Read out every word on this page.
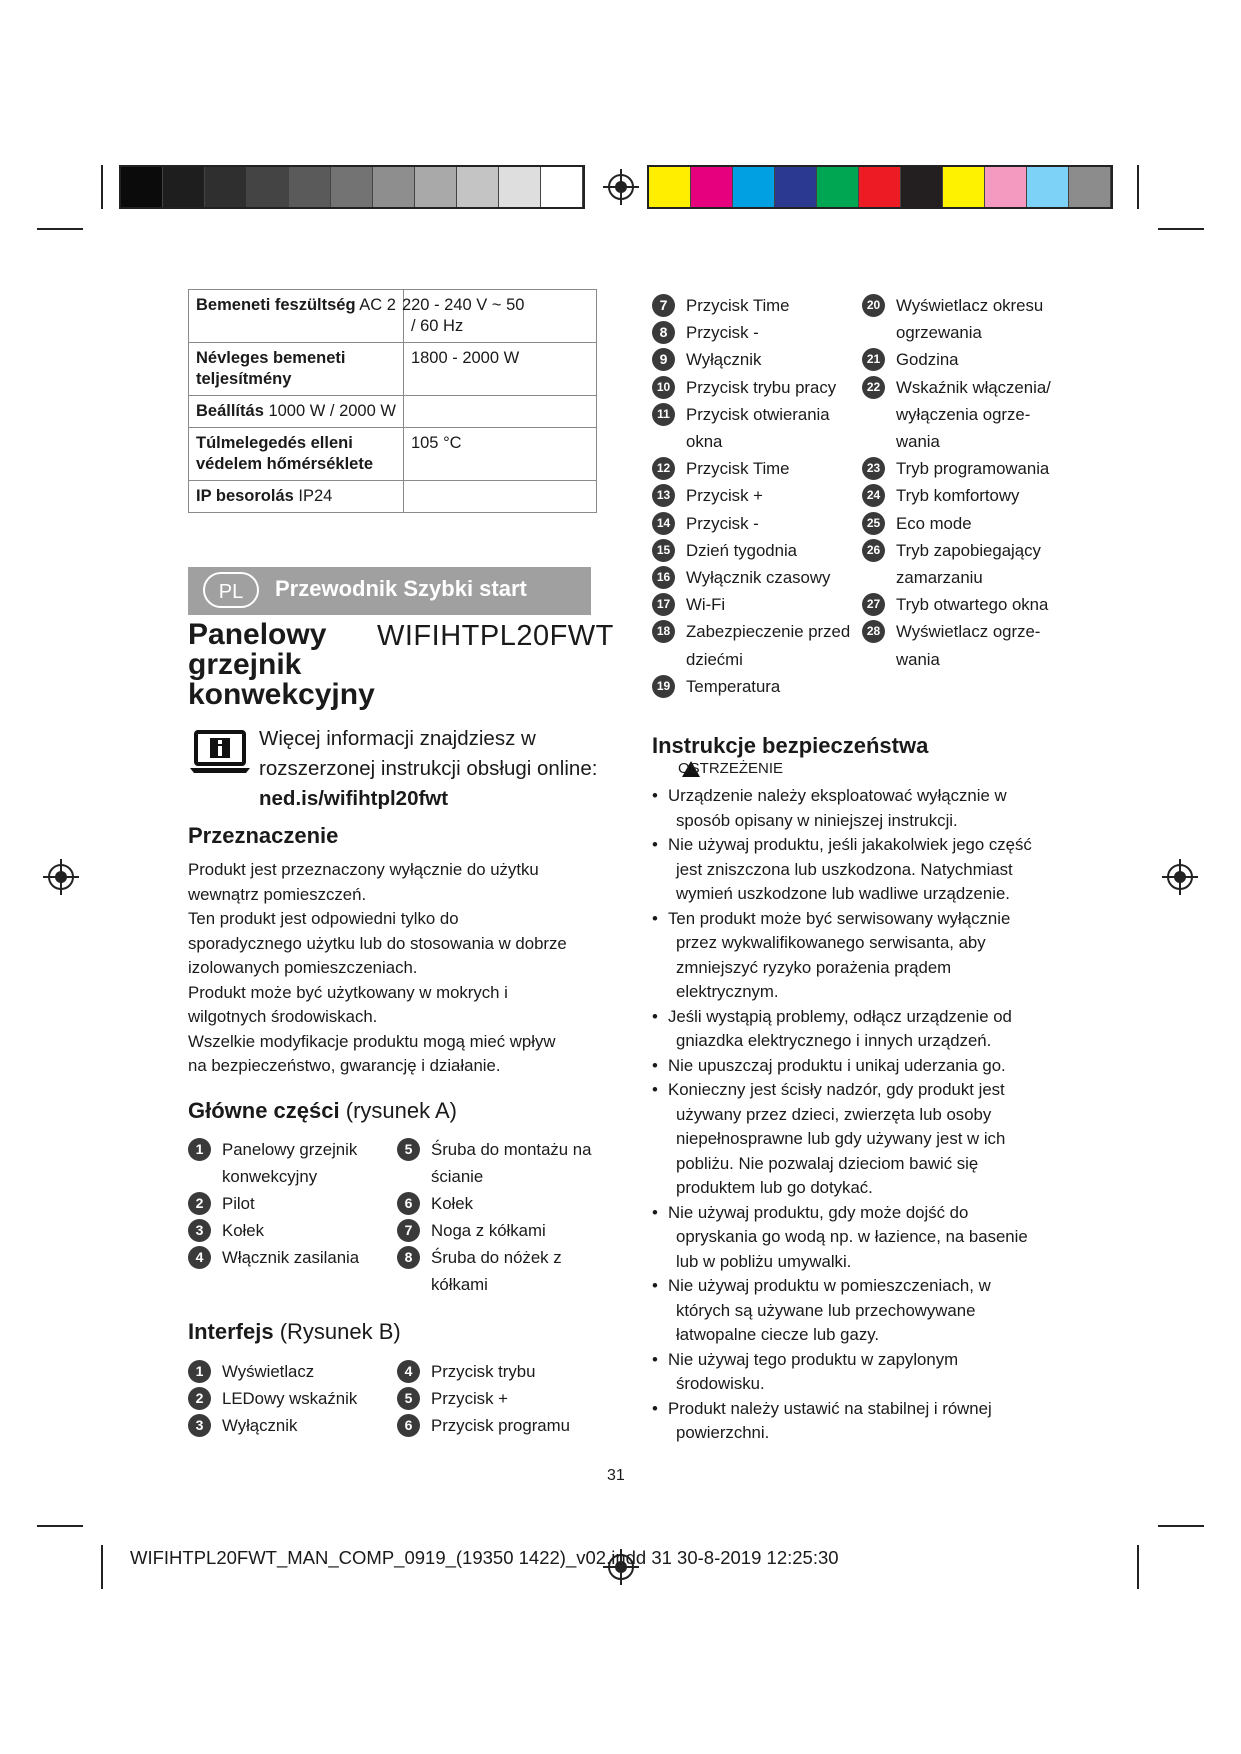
Bemeneti feszültség AC 2	220 - 240 V ~ 50
/ 60 Hz
Névleges bemeneti teljesítmény	1800 - 2000 W
Beállítás 1000 W / 2000 W	
Túlmelegedés elleni védelem hőmérséklete	105 °C
IP besorolás IP24	
PL	Przewodnik Szybki start
Panelowy grzejnik konwekcyjny
WIFIHTPL20FWT
Więcej informacji znajdziesz w rozszerzonej instrukcji obsługi online:
ned.is/wifihtpl20fwt
Przeznaczenie
Produkt jest przeznaczony wyłącznie do użytku
wewnątrz pomieszczeń.
Ten produkt jest odpowiedni tylko do
sporadycznego użytku lub do stosowania w dobrze
izolowanych pomieszczeniach.
Produkt może być użytkowany w mokrych i
wilgotnych środowiskach.
Wszelkie modyfikacje produktu mogą mieć wpływ
na bezpieczeństwo, gwarancję i działanie.
Główne części (rysunek A)
1	Panelowy grzejnik
konwekcyjny
2	Pilot
3	Kołek
4	Włącznik zasilania
5	Śruba do montażu na
ścianie
6	Kołek
7	Noga z kółkami
8	Śruba do nóżek z
kółkami
Interfejs (Rysunek B)
1	Wyświetlacz
2	LEDowy wskaźnik
3	Wyłącznik
4	Przycisk trybu
5	Przycisk +
6	Przycisk programu
7	Przycisk Time
8	Przycisk -
9	Wyłącznik
10 Przycisk trybu pracy
11 Przycisk otwierania
okna
12 Przycisk Time
13 Przycisk +
14 Przycisk -
15 Dzień tygodnia
16 Wyłącznik czasowy
17 Wi-Fi
18 Zabezpieczenie przed
dziećmi
19 Temperatura
20 Wyświetlacz okresu
ogrzewania
21 Godzina
22 Wskaźnik włączenia/
wyłączenia ogrze-
wania
23 Tryb programowania
24 Tryb komfortowy
25 Eco mode
26 Tryb zapobiegający
zamarzaniu
27 Tryb otwartego okna
28 Wyświetlacz ogrze-
wania
Instrukcje bezpieczeństwa
OSTRZEŻENIE
• Urządzenie należy eksploatować wyłącznie w
sposób opisany w niniejszej instrukcji.
• Nie używaj produktu, jeśli jakakolwiek jego część
jest zniszczona lub uszkodzona. Natychmiast
wymień uszkodzone lub wadliwe urządzenie.
• Ten produkt może być serwisowany wyłącznie
przez wykwalifikowanego serwisanta, aby
zmniejszyć ryzyko porażenia prądem
elektrycznym.
• Jeśli wystąpią problemy, odłącz urządzenie od
gniazdka elektrycznego i innych urządzeń.
• Nie upuszczaj produktu i unikaj uderzania go.
• Konieczny jest ścisły nadzór, gdy produkt jest
używany przez dzieci, zwierzęta lub osoby
niepełnosprawne lub gdy używany jest w ich
pobliżu. Nie pozwalaj dzieciom bawić się
produktem lub go dotykać.
• Nie używaj produktu, gdy może dojść do
opryskania go wodą np. w łazience, na basenie
lub w pobliżu umywalki.
• Nie używaj produktu w pomieszczeniach, w
których są używane lub przechowywane
łatwopalne ciecze lub gazy.
• Nie używaj tego produktu w zapylonym
środowisku.
• Produkt należy ustawić na stabilnej i równej
powierzchni.
31
WIFIHTPL20FWT_MAN_COMP_0919_(19350 1422)_v02.indd 31 30-8-2019 12:25:30
